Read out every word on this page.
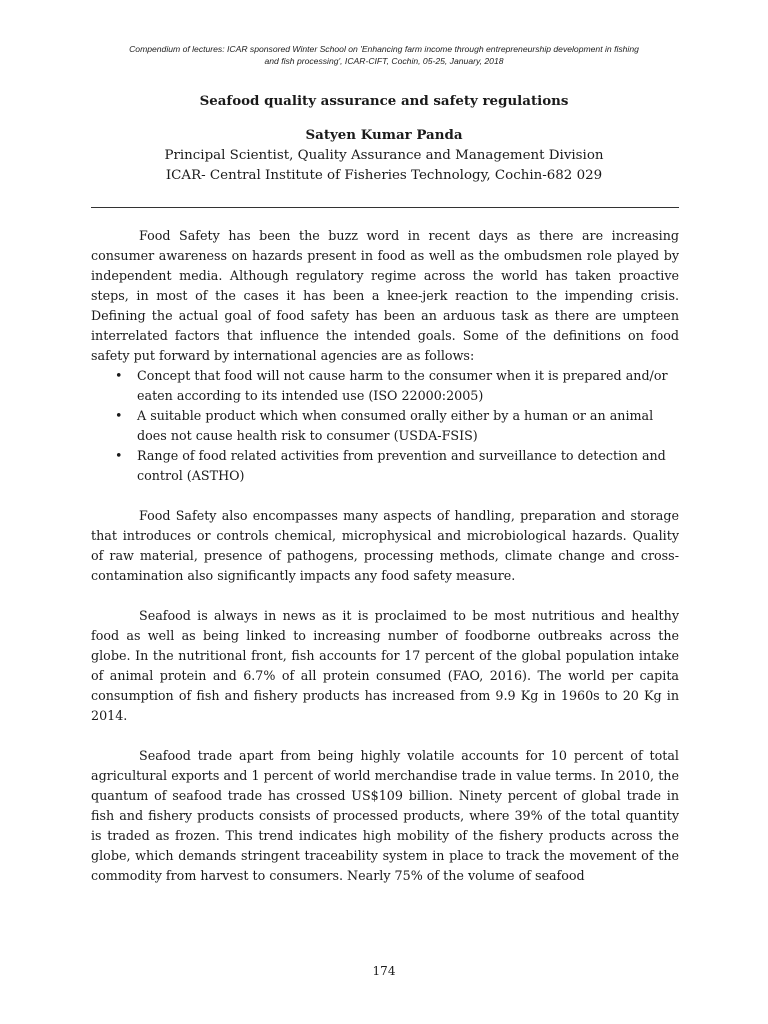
Compendium of lectures: ICAR sponsored Winter School on 'Enhancing farm income through entrepreneurship development in fishing
and fish processing', ICAR-CIFT, Cochin, 05-25, January, 2018
Seafood quality assurance and safety regulations
Satyen Kumar Panda
Principal Scientist, Quality Assurance and Management Division
ICAR- Central Institute of Fisheries Technology, Cochin-682 029

Food Safety has been the buzz word in recent days as there are increasing consumer awareness on hazards present in food as well as the ombudsmen role played by independent media. Although regulatory regime across the world has taken proactive steps, in most of the cases it has been a knee-jerk reaction to the impending crisis. Defining the actual goal of food safety has been an arduous task as there are umpteen interrelated factors that influence the intended goals. Some of the definitions on food safety put forward by international agencies are as follows:

• Concept that food will not cause harm to the consumer when it is prepared and/or eaten according to its intended use (ISO 22000:2005)
• A suitable product which when consumed orally either by a human or an animal does not cause health risk to consumer (USDA-FSIS)
• Range of food related activities from prevention and surveillance to detection and control (ASTHO)

Food Safety also encompasses many aspects of handling, preparation and storage that introduces or controls chemical, microphysical and microbiological hazards. Quality of raw material, presence of pathogens, processing methods, climate change and cross-contamination also significantly impacts any food safety measure.

Seafood is always in news as it is proclaimed to be most nutritious and healthy food as well as being linked to increasing number of foodborne outbreaks across the globe. In the nutritional front, fish accounts for 17 percent of the global population intake of animal protein and 6.7% of all protein consumed (FAO, 2016). The world per capita consumption of fish and fishery products has increased from 9.9 Kg in 1960s to 20 Kg in 2014.

Seafood trade apart from being highly volatile accounts for 10 percent of total agricultural exports and 1 percent of world merchandise trade in value terms. In 2010, the quantum of seafood trade has crossed US$109 billion. Ninety percent of global trade in fish and fishery products consists of processed products, where 39% of the total quantity is traded as frozen. This trend indicates high mobility of the fishery products across the globe, which demands stringent traceability system in place to track the movement of the commodity from harvest to consumers. Nearly 75% of the volume of seafood

174
